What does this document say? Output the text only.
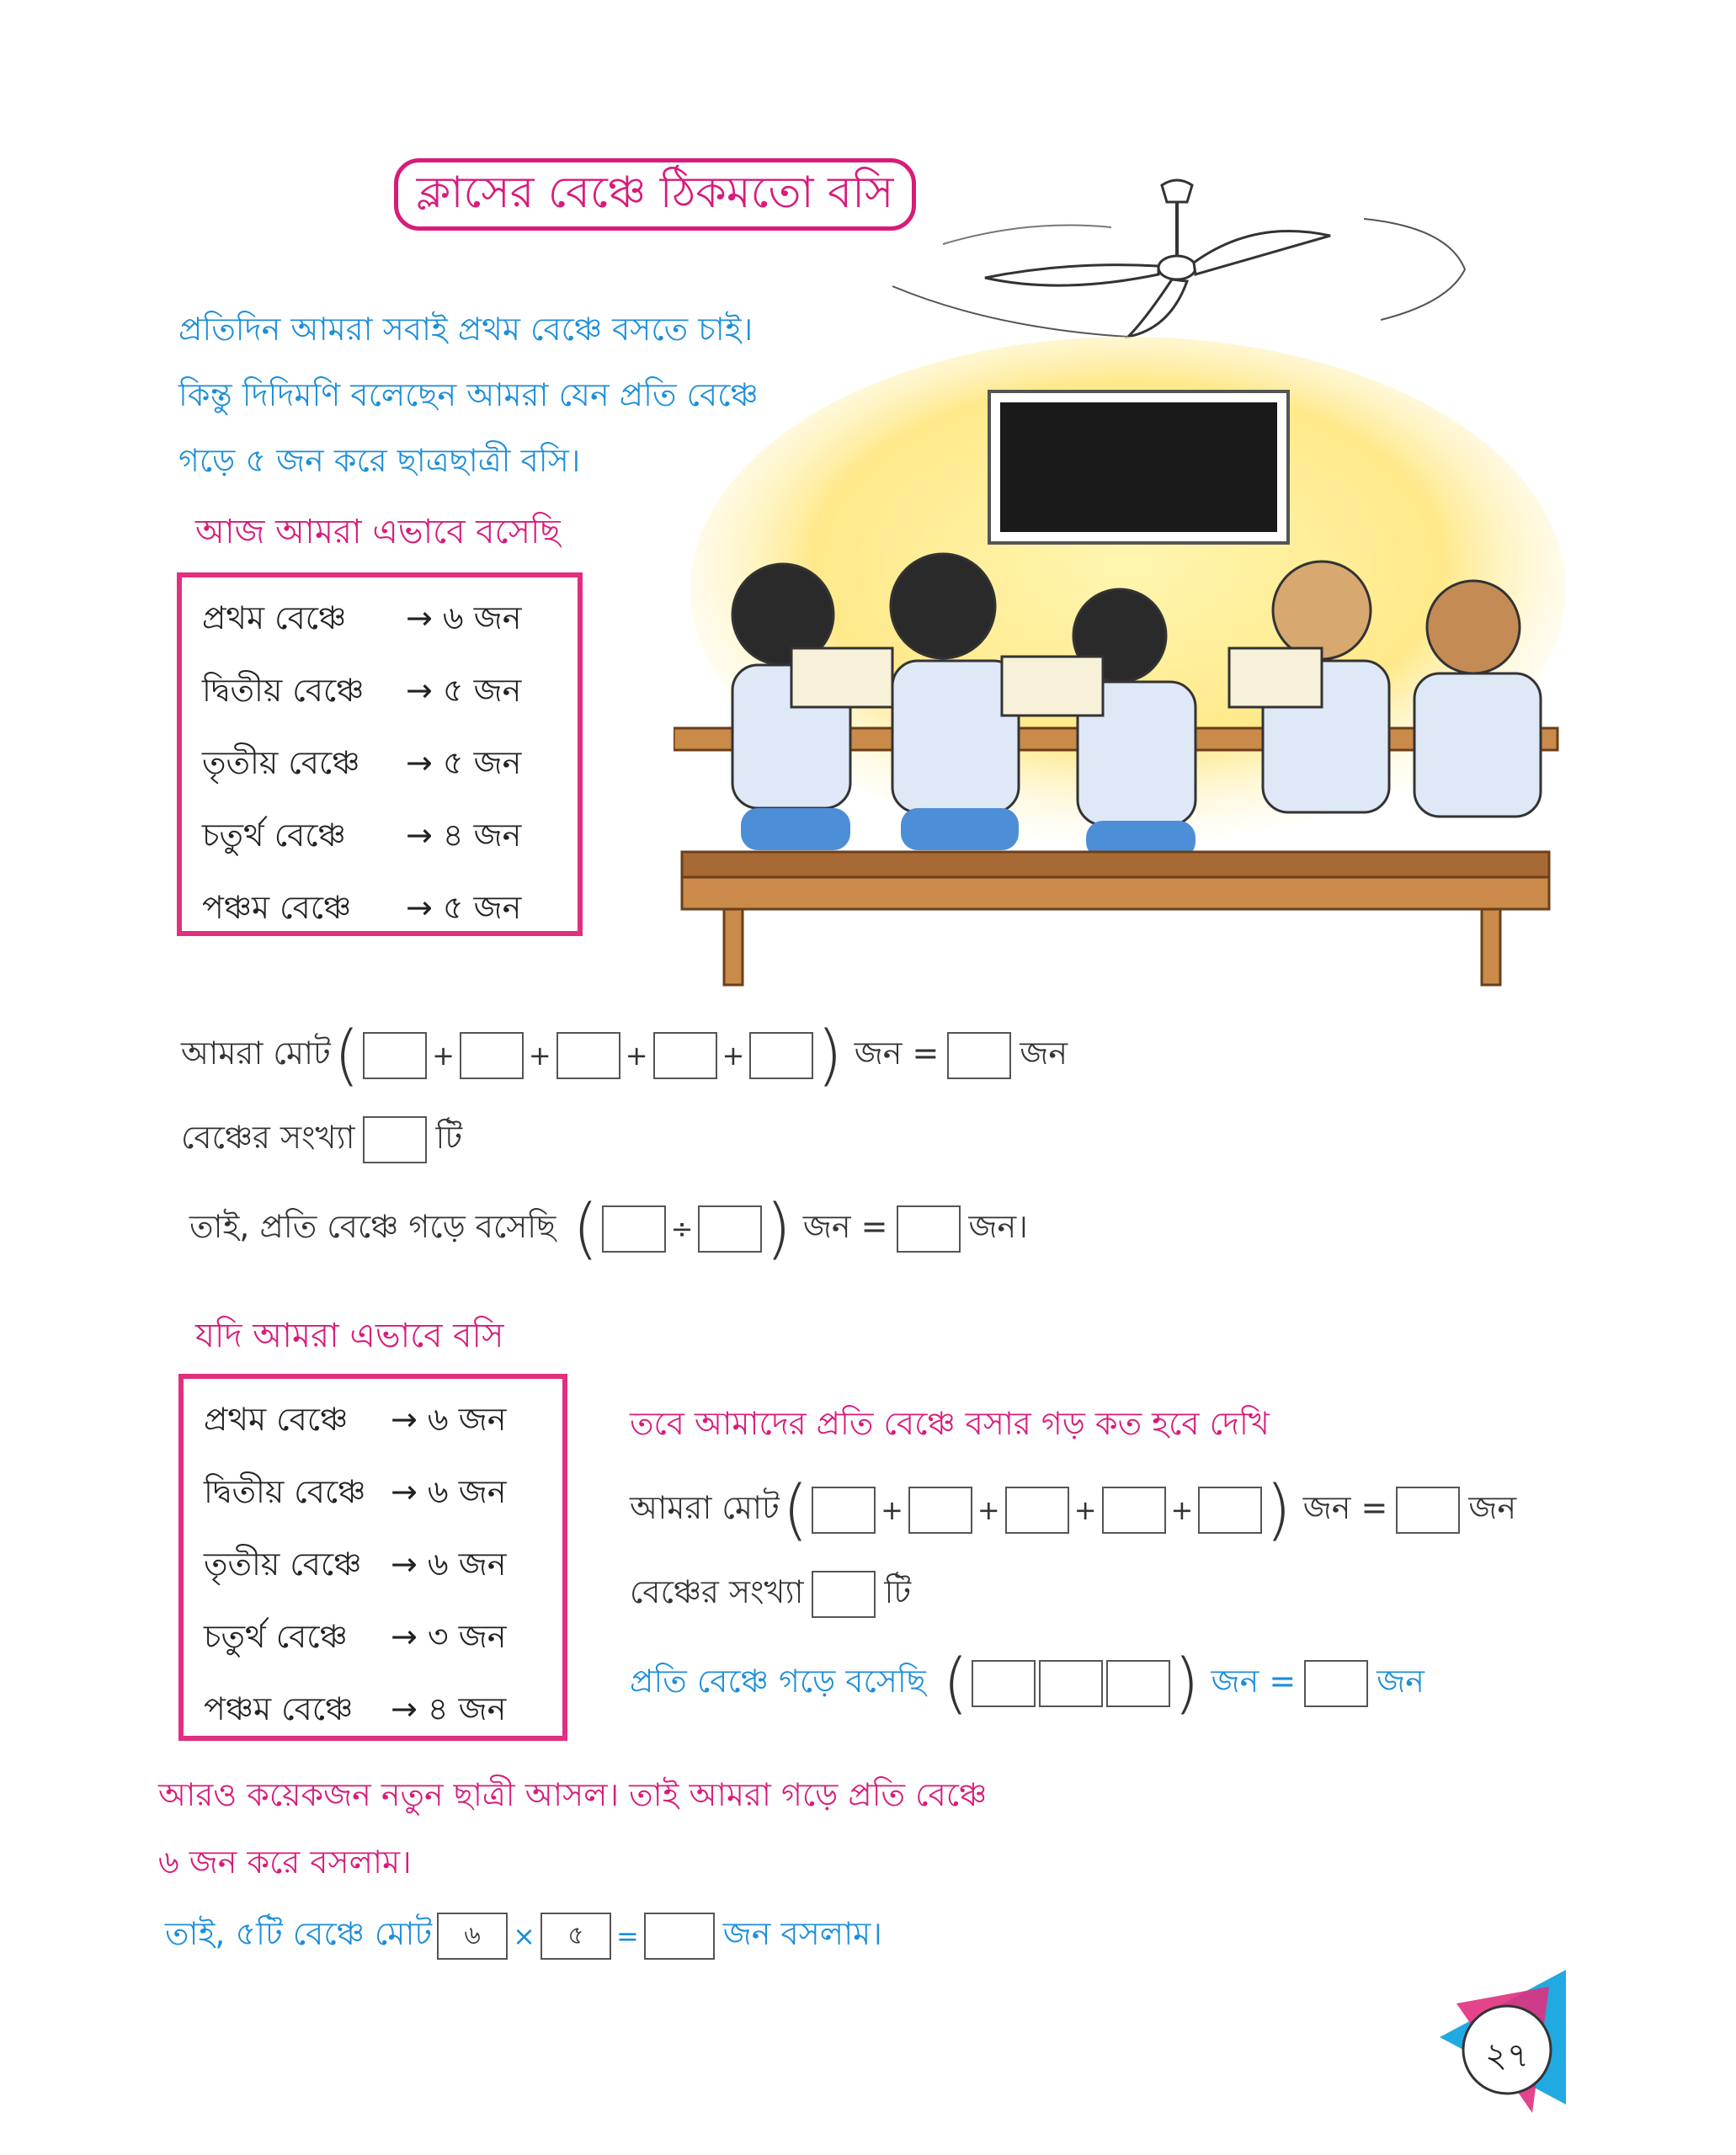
ক্লাসের বেঞ্চে ঠিকমতো বসি
প্রতিদিন আমরা সবাই প্রথম বেঞ্চে বসতে চাই।
কিন্তু দিদিমণি বলেছেন আমরা যেন প্রতি বেঞ্চে
গড়ে ৫ জন করে ছাত্রছাত্রী বসি।
আজ আমরা এভাবে বসেছি
প্রথম বেঞ্চে → ৬ জন
দ্বিতীয় বেঞ্চে → ৫ জন
তৃতীয় বেঞ্চে → ৫ জন
চতুর্থ বেঞ্চে → ৪ জন
পঞ্চম বেঞ্চে → ৫ জন
আমরা মোট (	+	+	+	+ ) জন =	জন
বেঞ্চের সংখ্যা	টি
তাই, প্রতি বেঞ্চে গড়ে বসেছি (	÷ ) জন =	জন।
যদি আমরা এভাবে বসি
প্রথম বেঞ্চে → ৬ জন
দ্বিতীয় বেঞ্চে → ৬ জন
তৃতীয় বেঞ্চে → ৬ জন
চতুর্থ বেঞ্চে → ৩ জন
পঞ্চম বেঞ্চে → ৪ জন
তবে আমাদের প্রতি বেঞ্চে বসার গড় কত হবে দেখি
আমরা মোট (	+	+	+	+ ) জন =	জন
বেঞ্চের সংখ্যা	টি
প্রতি বেঞ্চে গড়ে বসেছি (	) জন =	জন
আরও কয়েকজন নতুন ছাত্রী আসল। তাই আমরা গড়ে প্রতি বেঞ্চে
৬ জন করে বসলাম।
তাই, ৫টি বেঞ্চে মোট	৬	×	৫	=	জন বসলাম।
২৭
